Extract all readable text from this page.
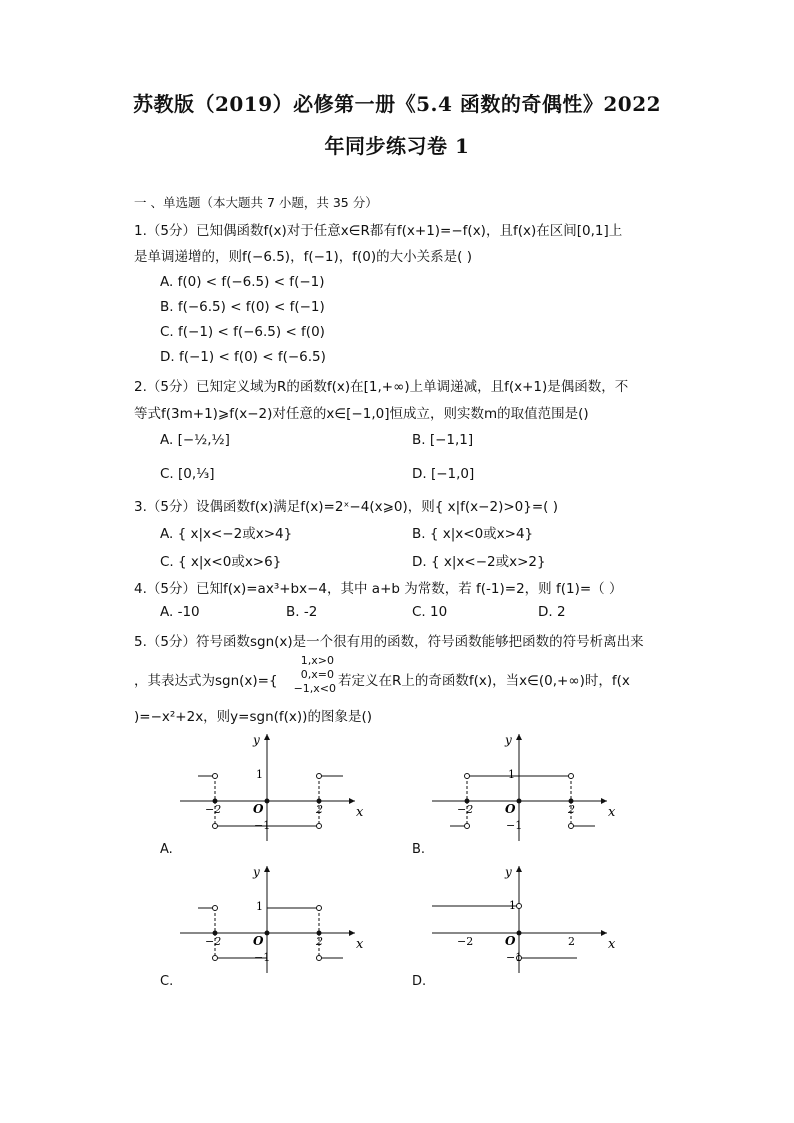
苏教版（2019）必修第一册《5.4 函数的奇偶性》2022
年同步练习卷 1
一 、单选题（本大题共 7 小题，共 35 分）
1.（5分）已知偶函数f(x)对于任意x∈R都有f(x+1)=−f(x)，且f(x)在区间[0,1]上
是单调递增的，则f(−6.5)，f(−1)，f(0)的大小关系是( )
A. f(0) < f(−6.5) < f(−1)
B. f(−6.5) < f(0) < f(−1)
C. f(−1) < f(−6.5) < f(0)
D. f(−1) < f(0) < f(−6.5)
2.（5分）已知定义域为R的函数f(x)在[1,+∞)上单调递减，且f(x+1)是偶函数，不
等式f(3m+1)⩾f(x−2)对任意的x∈[−1,0]恒成立，则实数m的取值范围是()
A. [−½,½]	B. [−1,1]
C. [0,⅓]	D. [−1,0]
3.（5分）设偶函数f(x)满足f(x)=2ˣ−4(x⩾0)，则{ x|f(x−2)>0}=( )
A. { x|x<−2或x>4}	B. { x|x<0或x>4}
C. { x|x<0或x>6}	D. { x|x<−2或x>2}
4.（5分）已知f(x)=ax³+bx−4，其中 a+b 为常数，若 f(-1)=2，则 f(1)=（ ）
A. -10	B. -2	C. 10	D. 2
5.（5分）符号函数sgn(x)是一个很有用的函数，符号函数能够把函数的符号析离出来
，其表达式为sgn(x)={
1,x>0
0,x=0
−1,x<0 若定义在R上的奇函数f(x)，当x∈(0,+∞)时，f(x
)=−x²+2x，则y=sgn(f(x))的图象是()
y
x
O
1
−1
−2	2
A.
y
x
O
1
−1
−2	2
B.
y
x
O
1
−1
−2	2
C.
y
x
O
1
−1
−2	2
D.
